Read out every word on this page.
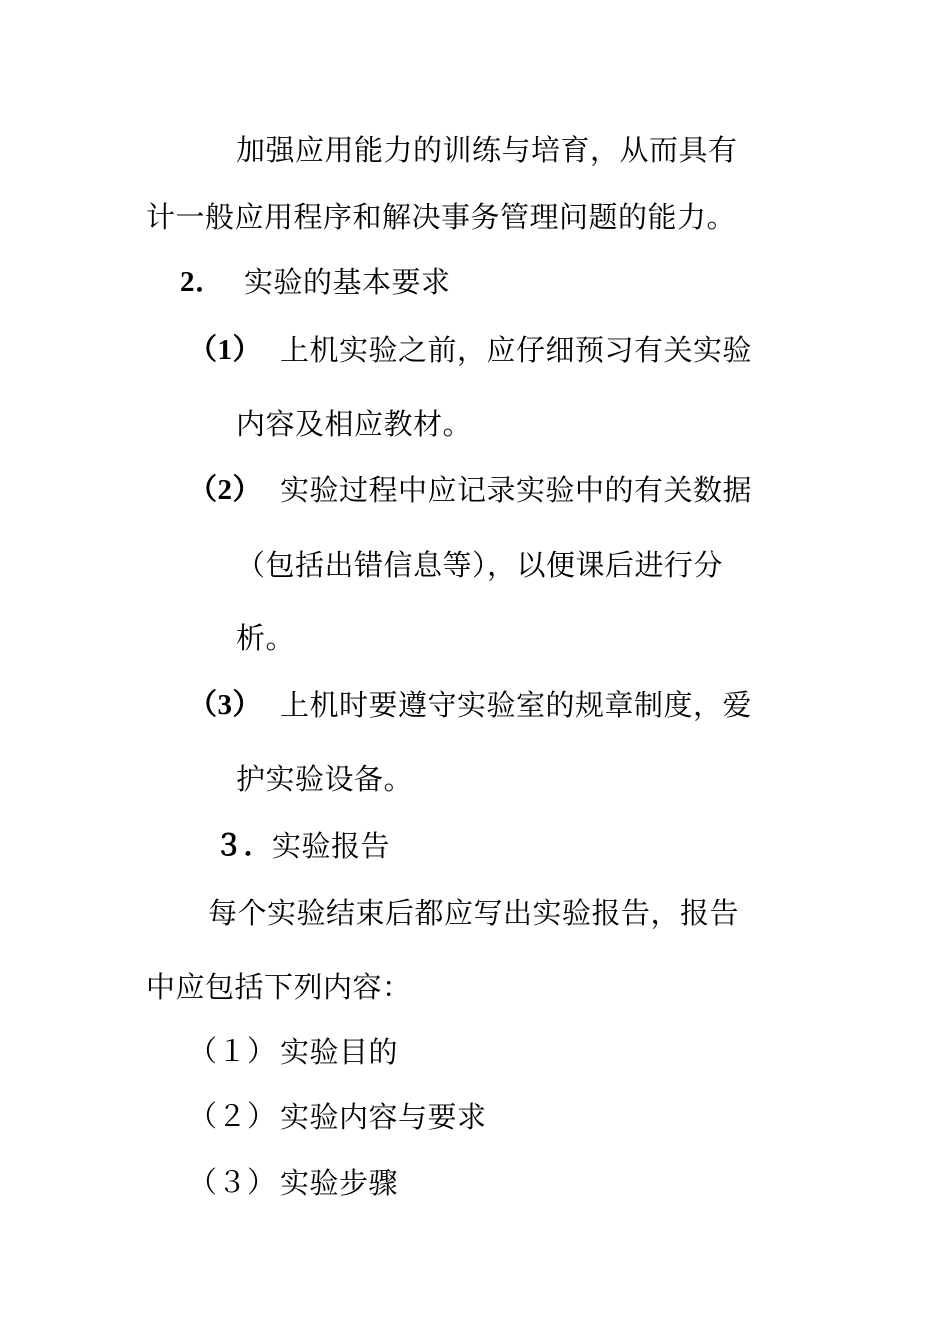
加强应用能力的训练与培育，从而具有
计一般应用程序和解决事务管理问题的能力。
2． 实验的基本要求
（1） 上机实验之前，应仔细预习有关实验
内容及相应教材。
（2） 实验过程中应记录实验中的有关数据
（包括出错信息等），以便课后进行分
析。
（3） 上机时要遵守实验室的规章制度，爱
护实验设备。
３．
实验报告
每个实验结束后都应写出实验报告，报告
中应包括下列内容：
（１） 实验目的
（２） 实验内容与要求
（３） 实验步骤
